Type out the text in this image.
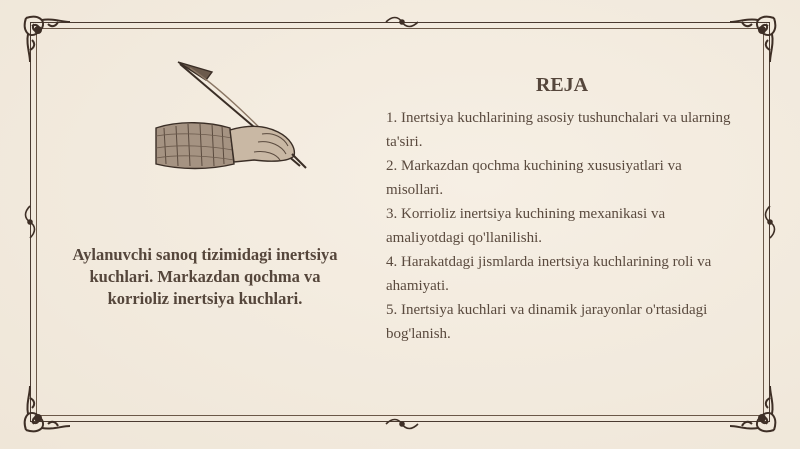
Aylanuvchi sanoq tizimidagi inertsiya kuchlari. Markazdan qochma va korrioliz inertsiya kuchlari.
REJA
1. Inertsiya kuchlarining asosiy tushunchalari va ularning ta'siri.
2. Markazdan qochma kuchining xususiyatlari va misollari.
3. Korrioliz inertsiya kuchining mexanikasi va amaliyotdagi qo'llanilishi.
4. Harakatdagi jismlarda inertsiya kuchlarining roli va ahamiyati.
5. Inertsiya kuchlari va dinamik jarayonlar o'rtasidagi bog'lanish.
